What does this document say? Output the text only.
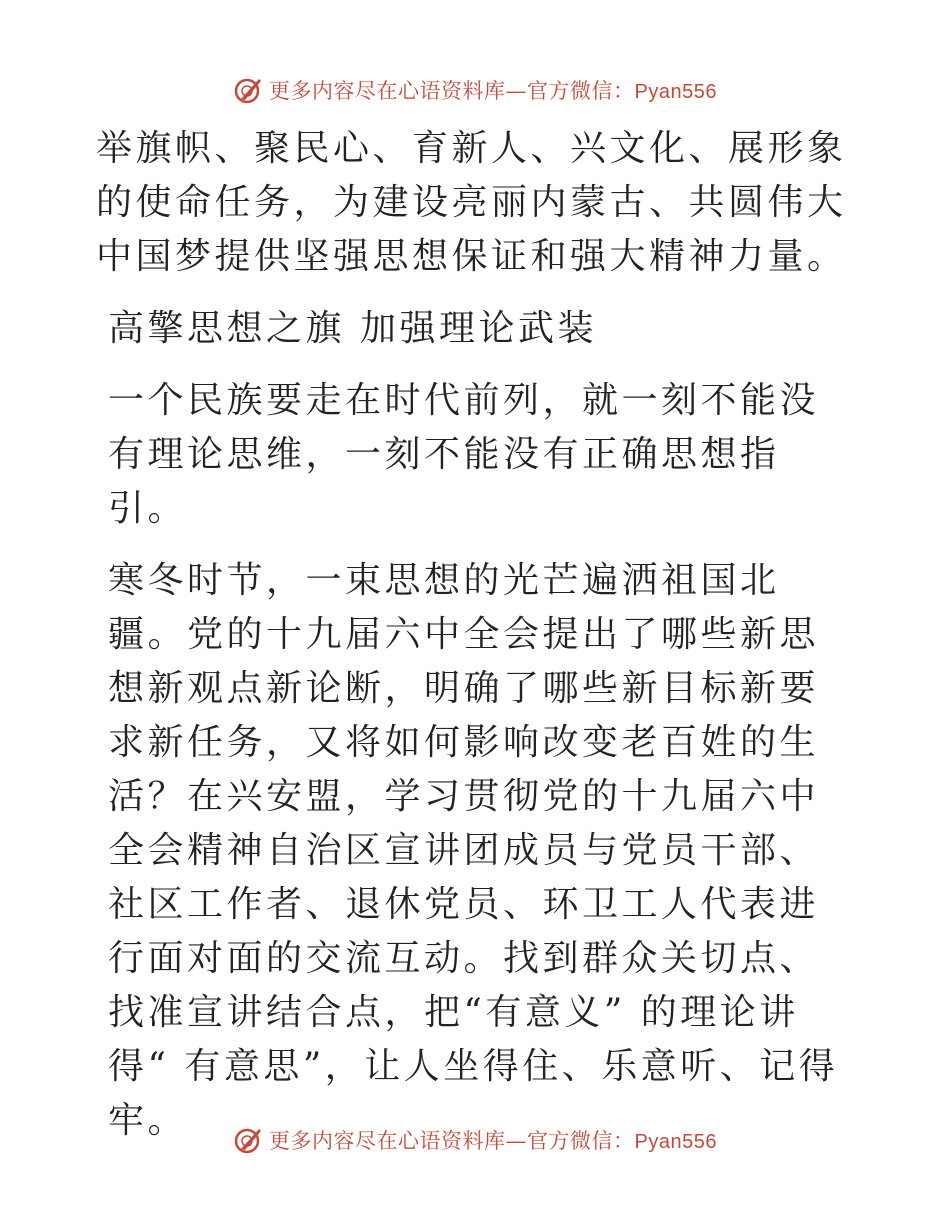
更多内容尽在心语资料库—官方微信：Pyan556

举旗帜、聚民心、育新人、兴文化、展形象的使命任务，为建设亮丽内蒙古、共圆伟大中国梦提供坚强思想保证和强大精神力量。

高擎思想之旗 加强理论武装

一个民族要走在时代前列，就一刻不能没有理论思维，一刻不能没有正确思想指引。

寒冬时节，一束思想的光芒遍洒祖国北疆。党的十九届六中全会提出了哪些新思想新观点新论断，明确了哪些新目标新要求新任务，又将如何影响改变老百姓的生活？在兴安盟，学习贯彻党的十九届六中全会精神自治区宣讲团成员与党员干部、社区工作者、退休党员、环卫工人代表进行面对面的交流互动。找到群众关切点、找准宣讲结合点，把“有意义” 的理论讲得“ 有意思”，让人坐得住、乐意听、记得牢。	更多内容尽在心语资料库—官方微信：Pyan556
